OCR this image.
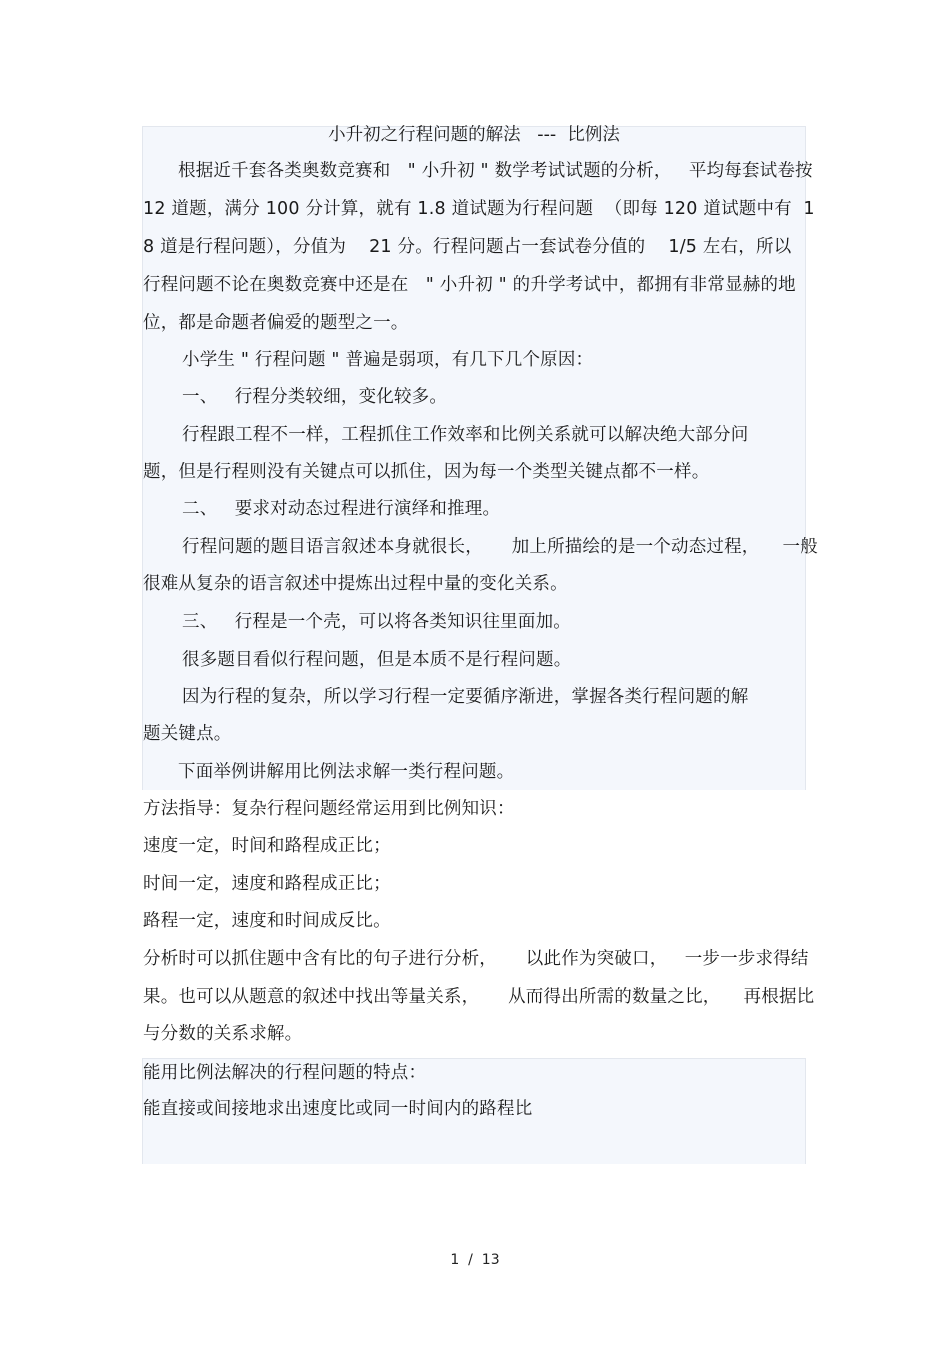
小升初之行程问题的解法   ---  比例法
根据近千套各类奥数竞赛和   " 小升初 " 数学考试试题的分析，   平均每套试卷按
12 道题，满分 100 分计算，就有 1.8 道试题为行程问题  （即每 120 道试题中有  1
8 道是行程问题），分值为    21 分。行程问题占一套试卷分值的    1/5 左右，所以
行程问题不论在奥数竞赛中还是在   " 小升初 " 的升学考试中，都拥有非常显赫的地
位，都是命题者偏爱的题型之一。
小学生 " 行程问题 " 普遍是弱项，有几下几个原因：
一、   行程分类较细，变化较多。
行程跟工程不一样，工程抓住工作效率和比例关系就可以解决绝大部分问
题，但是行程则没有关键点可以抓住，因为每一个类型关键点都不一样。
二、   要求对动态过程进行演绎和推理。
行程问题的题目语言叙述本身就很长，     加上所描绘的是一个动态过程，    一般
很难从复杂的语言叙述中提炼出过程中量的变化关系。
三、   行程是一个壳，可以将各类知识往里面加。
很多题目看似行程问题，但是本质不是行程问题。
因为行程的复杂，所以学习行程一定要循序渐进，掌握各类行程问题的解
题关键点。
下面举例讲解用比例法求解一类行程问题。
方法指导：复杂行程问题经常运用到比例知识：
速度一定，时间和路程成正比；
时间一定，速度和路程成正比；
路程一定，速度和时间成反比。
分析时可以抓住题中含有比的句子进行分析，     以此作为突破口，   一步一步求得结
果。也可以从题意的叙述中找出等量关系，     从而得出所需的数量之比，    再根据比
与分数的关系求解。
能用比例法解决的行程问题的特点：
能直接或间接地求出速度比或同一时间内的路程比
1  /  13
